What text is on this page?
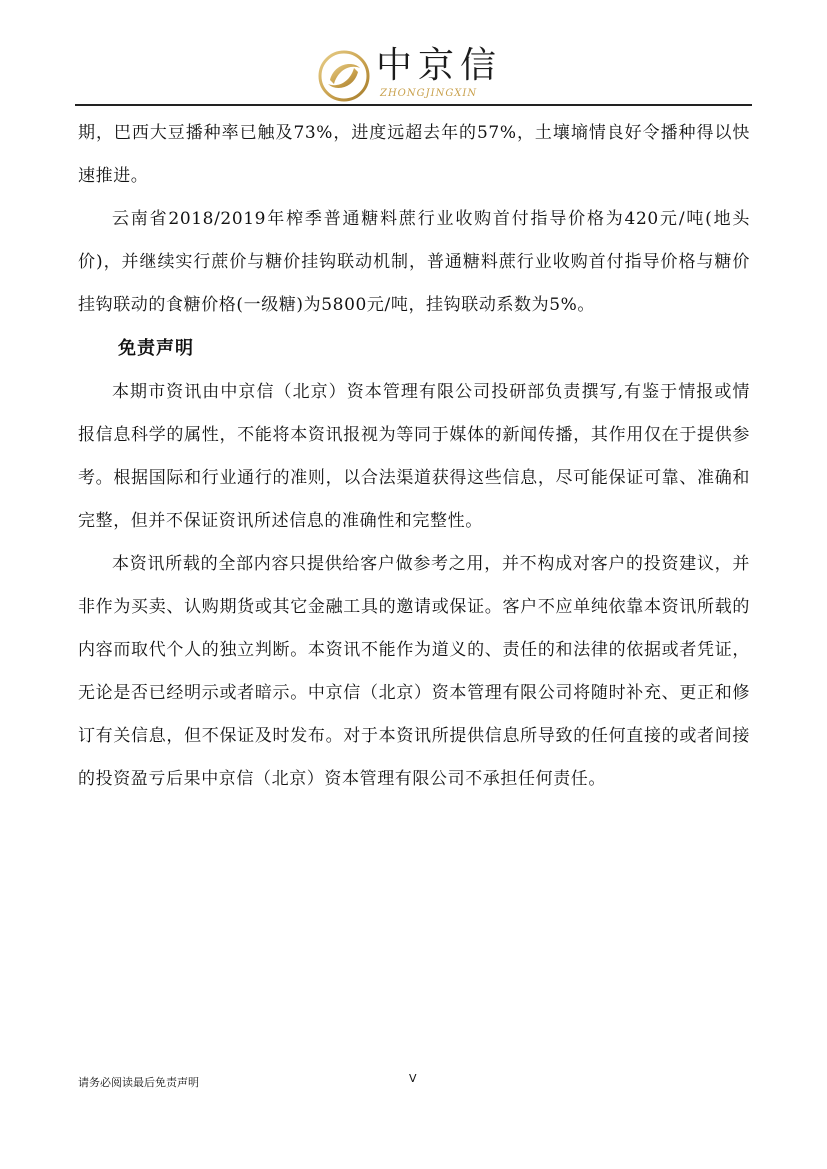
中京信
ZHONGJINGXIN

期，巴西大豆播种率已触及73%，进度远超去年的57%，土壤墒情良好令播种得以快速推进。

云南省2018/2019年榨季普通糖料蔗行业收购首付指导价格为420元/吨(地头价)，并继续实行蔗价与糖价挂钩联动机制，普通糖料蔗行业收购首付指导价格与糖价挂钩联动的食糖价格(一级糖)为5800元/吨，挂钩联动系数为5%。

免责声明

本期市资讯由中京信（北京）资本管理有限公司投研部负责撰写,有鉴于情报或情报信息科学的属性，不能将本资讯报视为等同于媒体的新闻传播，其作用仅在于提供参考。根据国际和行业通行的准则，以合法渠道获得这些信息，尽可能保证可靠、准确和完整，但并不保证资讯所述信息的准确性和完整性。

本资讯所载的全部内容只提供给客户做参考之用，并不构成对客户的投资建议，并非作为买卖、认购期货或其它金融工具的邀请或保证。客户不应单纯依靠本资讯所载的内容而取代个人的独立判断。本资讯不能作为道义的、责任的和法律的依据或者凭证，无论是否已经明示或者暗示。中京信（北京）资本管理有限公司将随时补充、更正和修订有关信息，但不保证及时发布。对于本资讯所提供信息所导致的任何直接的或者间接的投资盈亏后果中京信（北京）资本管理有限公司不承担任何责任。

请务必阅读最后免责声明	V
